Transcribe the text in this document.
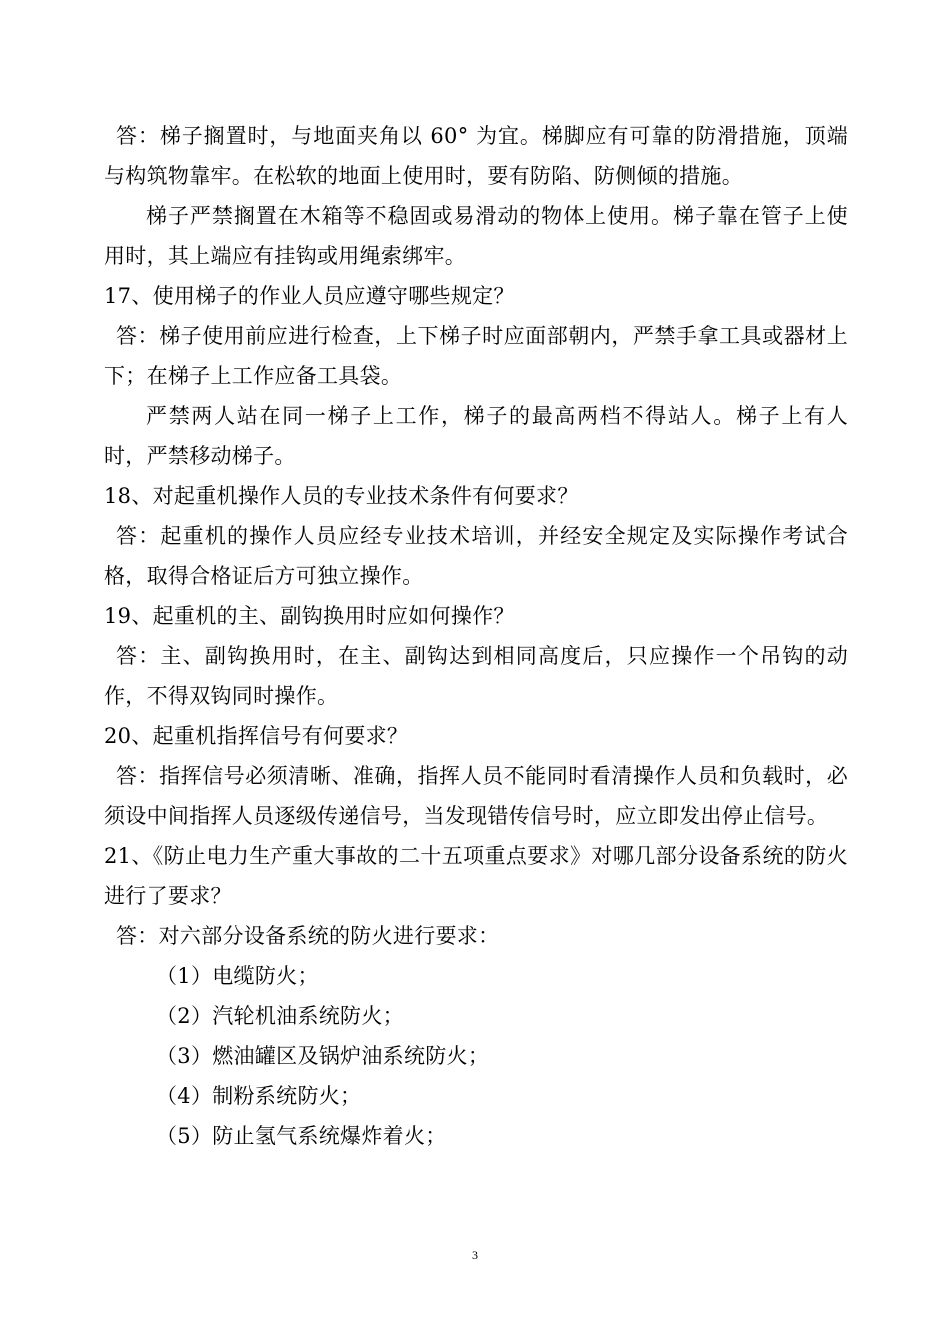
答：梯子搁置时，与地面夹角以 60° 为宜。梯脚应有可靠的防滑措施，顶端与构筑物靠牢。在松软的地面上使用时，要有防陷、防侧倾的措施。

梯子严禁搁置在木箱等不稳固或易滑动的物体上使用。梯子靠在管子上使用时，其上端应有挂钩或用绳索绑牢。

17、使用梯子的作业人员应遵守哪些规定？

答：梯子使用前应进行检查，上下梯子时应面部朝内，严禁手拿工具或器材上下；在梯子上工作应备工具袋。

严禁两人站在同一梯子上工作，梯子的最高两档不得站人。梯子上有人时，严禁移动梯子。

18、对起重机操作人员的专业技术条件有何要求？

答：起重机的操作人员应经专业技术培训，并经安全规定及实际操作考试合格，取得合格证后方可独立操作。

19、起重机的主、副钩换用时应如何操作？

答：主、副钩换用时，在主、副钩达到相同高度后，只应操作一个吊钩的动作，不得双钩同时操作。

20、起重机指挥信号有何要求？

答：指挥信号必须清晰、准确，指挥人员不能同时看清操作人员和负载时，必须设中间指挥人员逐级传递信号，当发现错传信号时，应立即发出停止信号。

21、《防止电力生产重大事故的二十五项重点要求》对哪几部分设备系统的防火进行了要求？

答：对六部分设备系统的防火进行要求：

（1）电缆防火；

（2）汽轮机油系统防火；

（3）燃油罐区及锅炉油系统防火；

（4）制粉系统防火；

（5）防止氢气系统爆炸着火；

3
